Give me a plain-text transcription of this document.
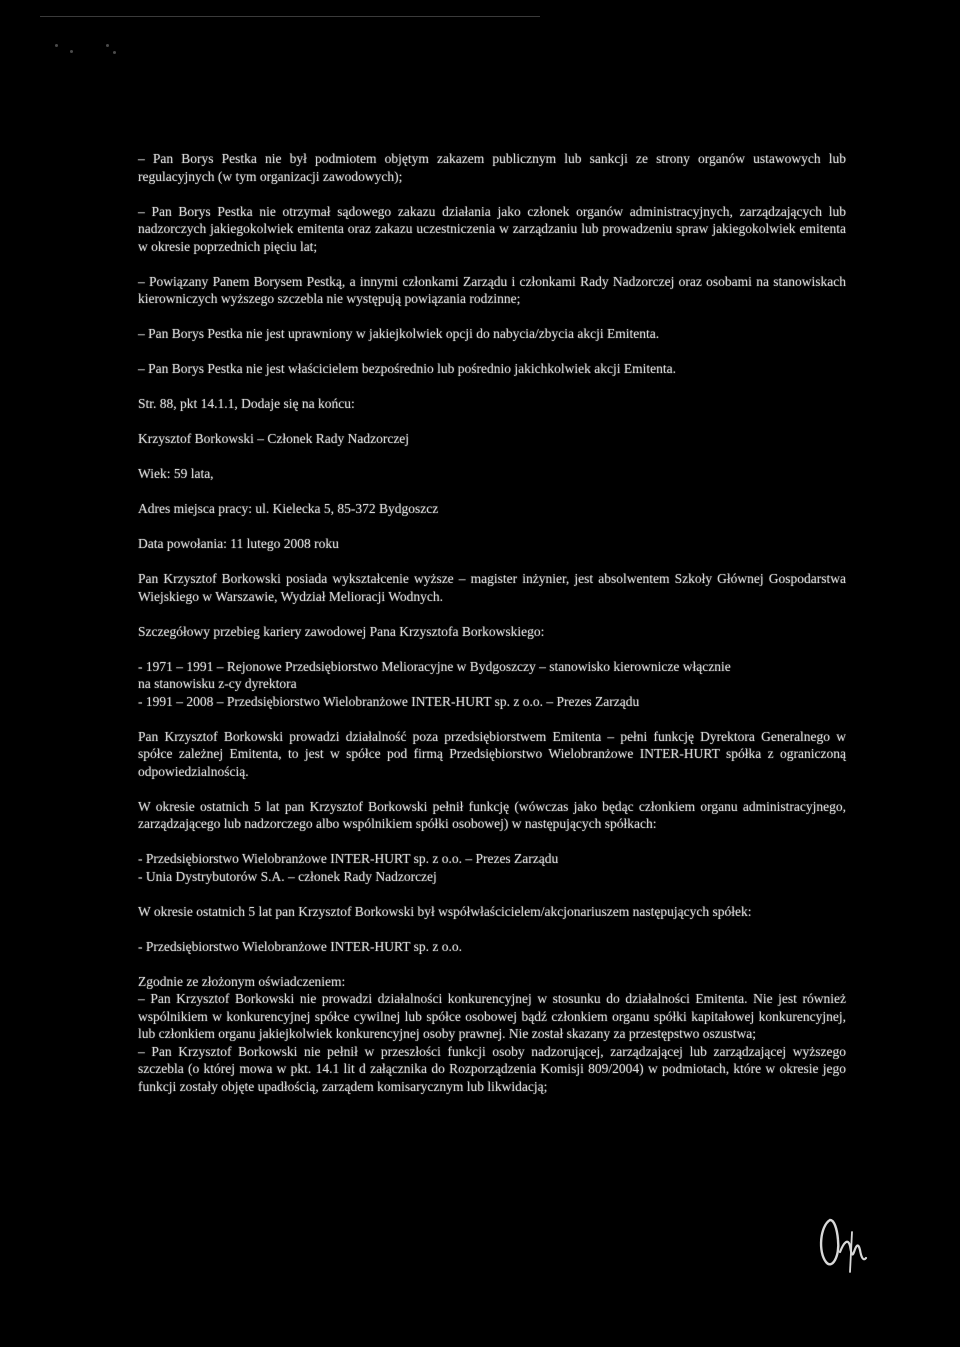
– Pan Borys Pestka nie był podmiotem objętym zakazem publicznym lub sankcji ze strony organów ustawowych lub regulacyjnych (w tym organizacji zawodowych);

– Pan Borys Pestka nie otrzymał sądowego zakazu działania jako członek organów administracyjnych, zarządzających lub nadzorczych jakiegokolwiek emitenta oraz zakazu uczestniczenia w zarządzaniu lub prowadzeniu spraw jakiegokolwiek emitenta w okresie poprzednich pięciu lat;

– Powiązany Panem Borysem Pestką, a innymi członkami Zarządu i członkami Rady Nadzorczej oraz osobami na stanowiskach kierowniczych wyższego szczebla nie występują powiązania rodzinne;

– Pan Borys Pestka nie jest uprawniony w jakiejkolwiek opcji do nabycia/zbycia akcji Emitenta.

– Pan Borys Pestka nie jest właścicielem bezpośrednio lub pośrednio jakichkolwiek akcji Emitenta.

Str. 88, pkt 14.1.1, Dodaje się na końcu:

Krzysztof Borkowski – Członek Rady Nadzorczej

Wiek: 59 lata,

Adres miejsca pracy: ul. Kielecka 5, 85-372 Bydgoszcz

Data powołania: 11 lutego 2008 roku

Pan Krzysztof Borkowski posiada wykształcenie wyższe – magister inżynier, jest absolwentem Szkoły Głównej Gospodarstwa Wiejskiego w Warszawie, Wydział Melioracji Wodnych.

Szczegółowy przebieg kariery zawodowej Pana Krzysztofa Borkowskiego:

- 1971 – 1991 – Rejonowe Przedsiębiorstwo Melioracyjne w Bydgoszczy – stanowisko kierownicze włącznie
na stanowisku z-cy dyrektora
- 1991 – 2008 – Przedsiębiorstwo Wielobranżowe INTER-HURT sp. z o.o. – Prezes Zarządu

Pan Krzysztof Borkowski prowadzi działalność poza przedsiębiorstwem Emitenta – pełni funkcję Dyrektora Generalnego w spółce zależnej Emitenta, to jest w spółce pod firmą Przedsiębiorstwo Wielobranżowe INTER-HURT spółka z ograniczoną odpowiedzialnością.

W okresie ostatnich 5 lat pan Krzysztof Borkowski pełnił funkcję (wówczas jako będąc członkiem organu administracyjnego, zarządzającego lub nadzorczego albo wspólnikiem spółki osobowej) w następujących spółkach:

- Przedsiębiorstwo Wielobranżowe INTER-HURT sp. z o.o. – Prezes Zarządu
- Unia Dystrybutorów S.A. – członek Rady Nadzorczej

W okresie ostatnich 5 lat pan Krzysztof Borkowski był współwłaścicielem/akcjonariuszem następujących spółek:

- Przedsiębiorstwo Wielobranżowe INTER-HURT sp. z o.o.

Zgodnie ze złożonym oświadczeniem:
– Pan Krzysztof Borkowski nie prowadzi działalności konkurencyjnej w stosunku do działalności Emitenta. Nie jest również wspólnikiem w konkurencyjnej spółce cywilnej lub spółce osobowej bądź członkiem organu spółki kapitałowej konkurencyjnej, lub członkiem organu jakiejkolwiek konkurencyjnej osoby prawnej. Nie został skazany za przestępstwo oszustwa;
– Pan Krzysztof Borkowski nie pełnił w przeszłości funkcji osoby nadzorującej, zarządzającej lub zarządzającej wyższego szczebla (o której mowa w pkt. 14.1 lit d załącznika do Rozporządzenia Komisji 809/2004) w podmiotach, które w okresie jego funkcji zostały objęte upadłością, zarządem komisarycznym lub likwidacją;
